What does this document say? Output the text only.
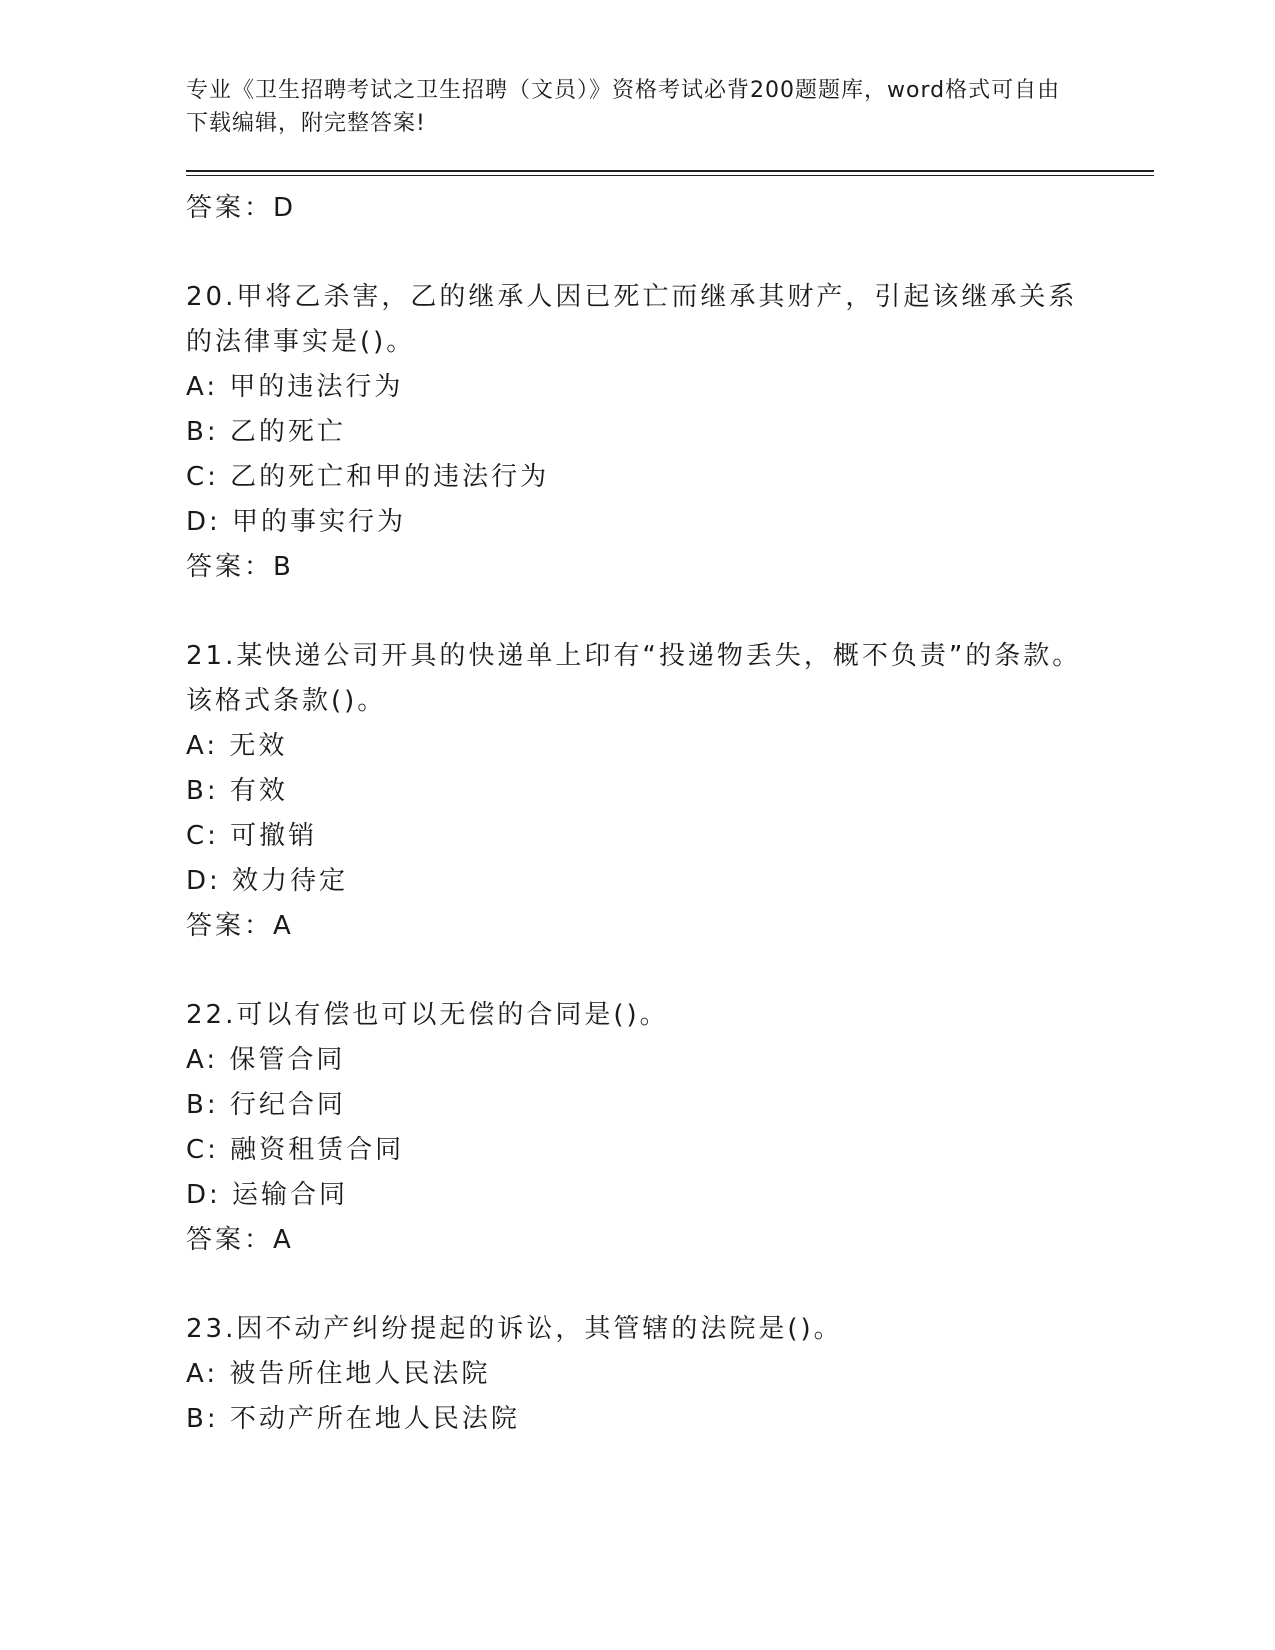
专业《卫生招聘考试之卫生招聘（文员）》资格考试必背200题题库，word格式可自由下载编辑，附完整答案!
答案：D
20.甲将乙杀害，乙的继承人因已死亡而继承其财产，引起该继承关系的法律事实是()。
A: 甲的违法行为
B: 乙的死亡
C: 乙的死亡和甲的违法行为
D: 甲的事实行为
答案：B
21.某快递公司开具的快递单上印有“投递物丢失，概不负责”的条款。该格式条款()。
A: 无效
B: 有效
C: 可撤销
D: 效力待定
答案：A
22.可以有偿也可以无偿的合同是()。
A: 保管合同
B: 行纪合同
C: 融资租赁合同
D: 运输合同
答案：A
23.因不动产纠纷提起的诉讼，其管辖的法院是()。
A: 被告所住地人民法院
B: 不动产所在地人民法院
